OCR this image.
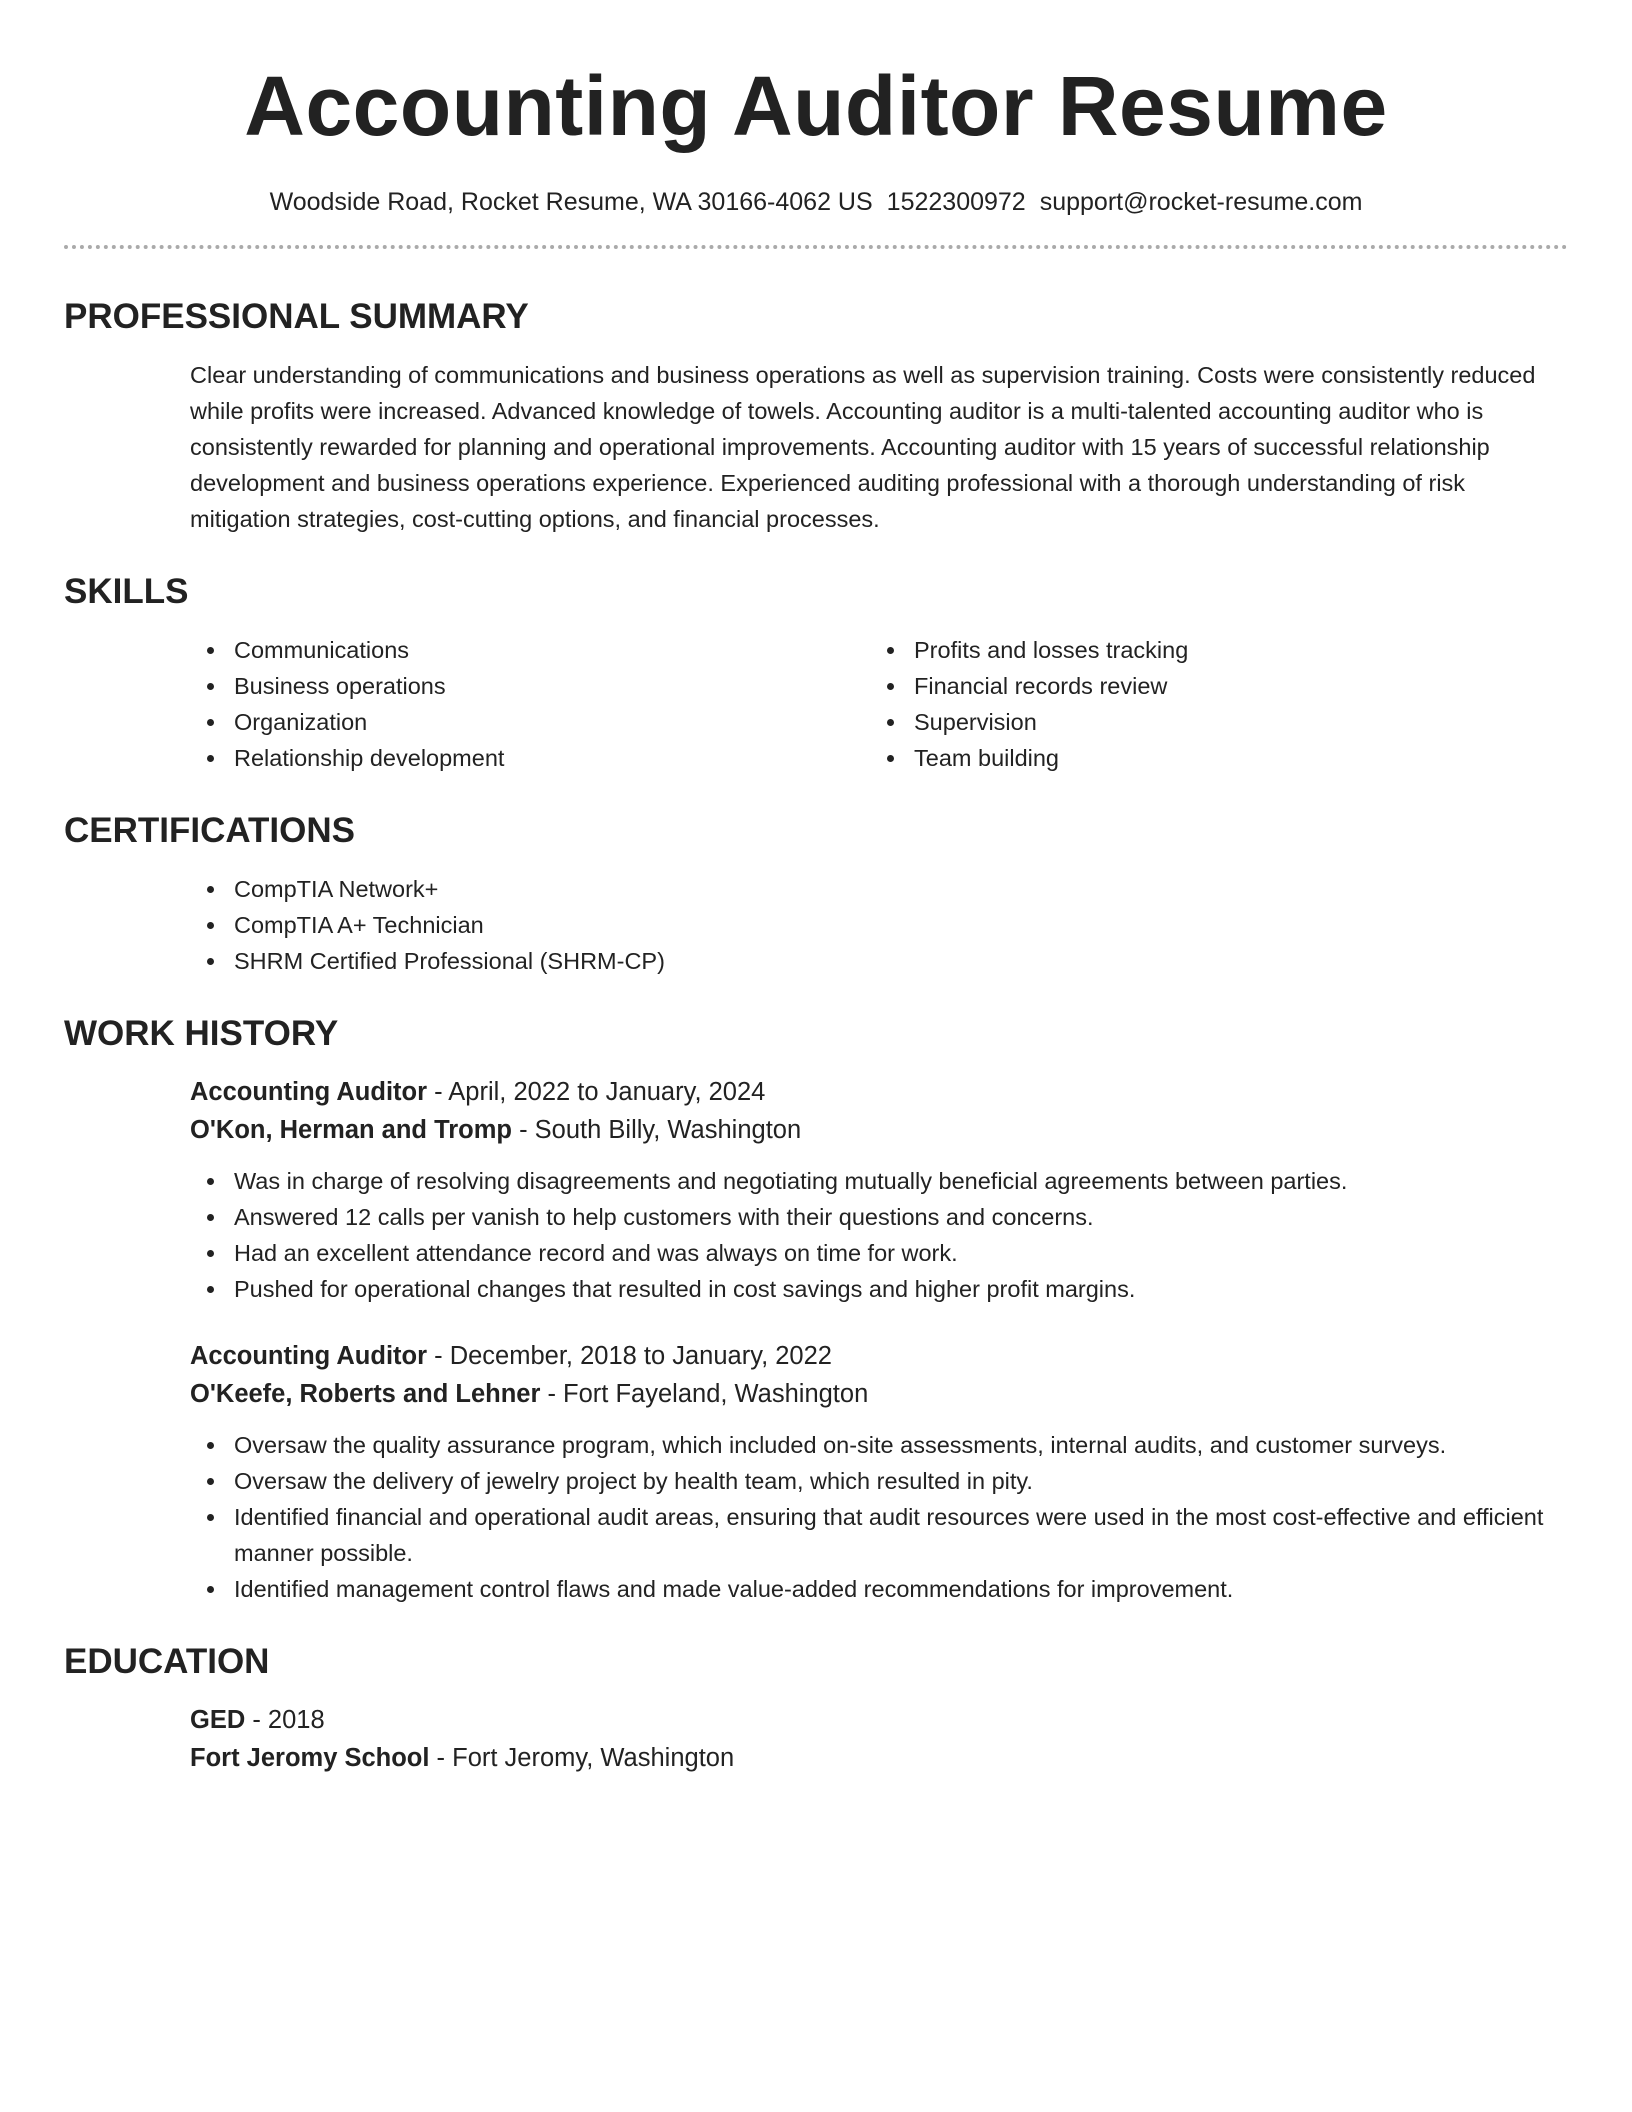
Accounting Auditor Resume
Woodside Road, Rocket Resume, WA 30166-4062 US 1522300972 support@rocket-resume.com
PROFESSIONAL SUMMARY

Clear understanding of communications and business operations as well as supervision training. Costs were consistently reduced while profits were increased. Advanced knowledge of towels. Accounting auditor is a multi-talented accounting auditor who is consistently rewarded for planning and operational improvements. Accounting auditor with 15 years of successful relationship development and business operations experience. Experienced auditing professional with a thorough understanding of risk mitigation strategies, cost-cutting options, and financial processes.

SKILLS
Communications
Business operations
Organization
Relationship development
Profits and losses tracking
Financial records review
Supervision
Team building
CERTIFICATIONS
CompTIA Network+
CompTIA A+ Technician
SHRM Certified Professional (SHRM-CP)
WORK HISTORY
Accounting Auditor - April, 2022 to January, 2024
O'Kon, Herman and Tromp - South Billy, Washington
Was in charge of resolving disagreements and negotiating mutually beneficial agreements between parties.
Answered 12 calls per vanish to help customers with their questions and concerns.
Had an excellent attendance record and was always on time for work.
Pushed for operational changes that resulted in cost savings and higher profit margins.
Accounting Auditor - December, 2018 to January, 2022
O'Keefe, Roberts and Lehner - Fort Fayeland, Washington
Oversaw the quality assurance program, which included on-site assessments, internal audits, and customer surveys.
Oversaw the delivery of jewelry project by health team, which resulted in pity.
Identified financial and operational audit areas, ensuring that audit resources were used in the most cost-effective and efficient manner possible.
Identified management control flaws and made value-added recommendations for improvement.
EDUCATION
GED - 2018
Fort Jeromy School - Fort Jeromy, Washington
